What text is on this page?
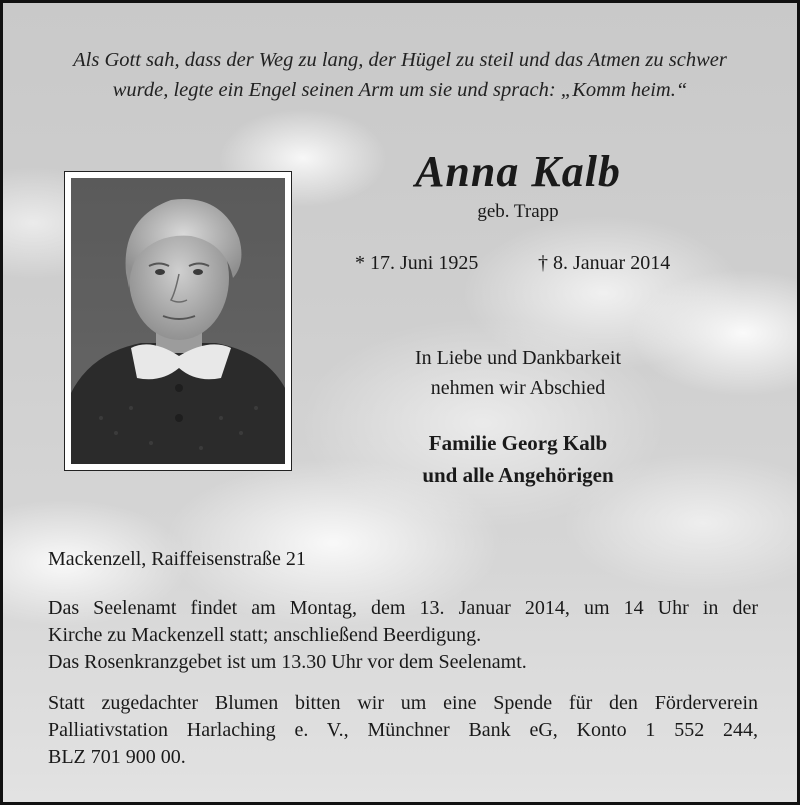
Als Gott sah, dass der Weg zu lang, der Hügel zu steil und das Atmen zu schwer
wurde, legte ein Engel seinen Arm um sie und sprach: „Komm heim.“
Anna Kalb
geb. Trapp
* 17. Juni 1925	† 8. Januar 2014
In Liebe und Dankbarkeit
nehmen wir Abschied
Familie Georg Kalb
und alle Angehörigen
Mackenzell, Raiffeisenstraße 21
Das Seelenamt findet am Montag, dem 13. Januar 2014, um 14 Uhr in der
Kirche zu Mackenzell statt; anschließend Beerdigung.
Das Rosenkranzgebet ist um 13.30 Uhr vor dem Seelenamt.
Statt zugedachter Blumen bitten wir um eine Spende für den Förderverein
Palliativstation Harlaching e. V., Münchner Bank eG, Konto 1 552 244,
BLZ 701 900 00.
